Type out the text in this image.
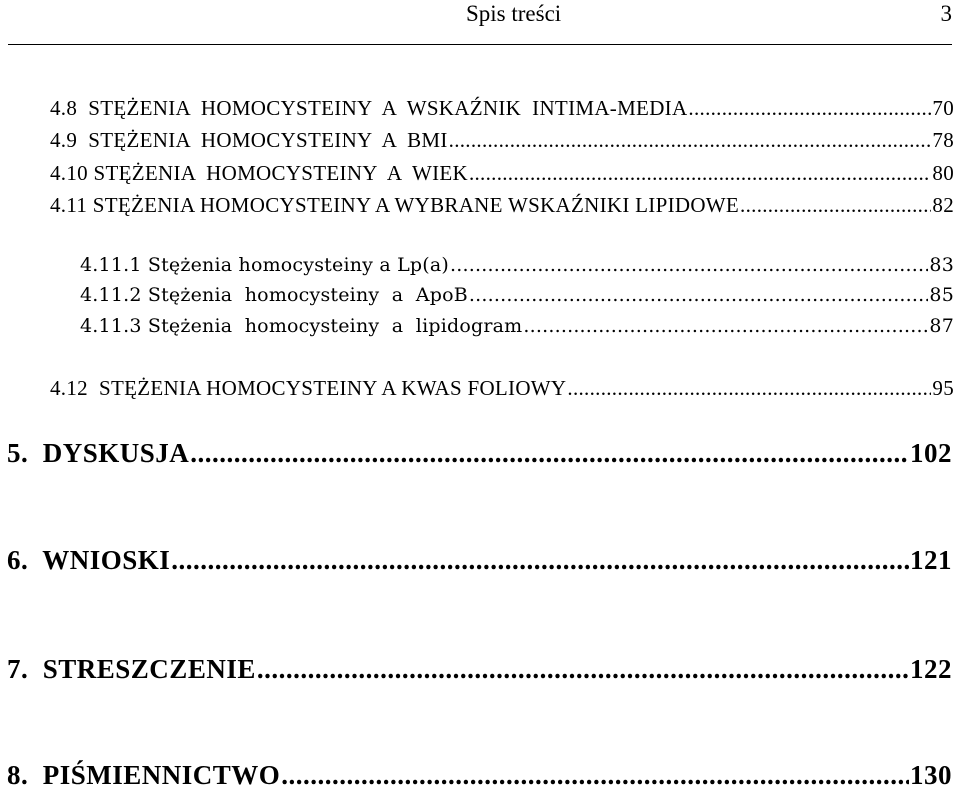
Spis treści	3
4.8  STĘŻENIA  HOMOCYSTEINY  A  WSKAŹNIK  INTIMA-MEDIA .....	70
4.9  STĘŻENIA  HOMOCYSTEINY  A  BMI .....	78
4.10 STĘŻENIA  HOMOCYSTEINY  A  WIEK .....	80
4.11 STĘŻENIA HOMOCYSTEINY A WYBRANE WSKAŹNIKI LIPIDOWE .....	82
4.11.1 Stężenia homocysteiny a Lp(a) .....	83
4.11.2 Stężenia  homocysteiny  a  ApoB .....	85
4.11.3 Stężenia  homocysteiny  a  lipidogram .....	87
4.12  STĘŻENIA HOMOCYSTEINY A KWAS FOLIOWY .....	95
5.  DYSKUSJA .....	102
6.  WNIOSKI .....	121
7.  STRESZCZENIE .....	122
8.  PIŚMIENNICTWO .....	130
